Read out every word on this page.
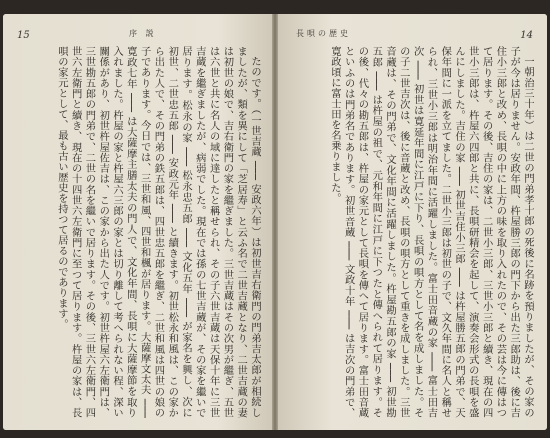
15	序 説

たのです。（一世吉蔵 ─── 安政六年）は初世吉右衛門の門弟吉太郎が相続しましたが、類を異にして「芝居寿」と云ふ名で二世吉蔵となり、二世吉蔵の妻は初世の娘で、吉右衛門の家を繼ぎました。三世吉蔵はその次男が繼ぎ、五世は六世と共に名人の域に達したと稱せられ、その子六世吉蔵は天保十年に三世吉蔵を繼ぎましたが、病弱でした。現在では孫の七世吉蔵が、その家を繼いで居ります。松永の家 ─── 松永忠五郎 ─── 文化五年 ─── が家名を興し、次に初世、二世忠五郎 ─── 安政元年 ─── と續きます。初世松永和風は、この家から出た人で、その門弟の鉄五郎は、四世忠五郎を繼ぎ、二世和風は四世の娘の子であります。今日では、三世和風、四世和楓が居ります。大薩摩文太夫 ─── 寛政七年 ─── は大薩摩主膳太夫の門人で、文化年間、長唄に大薩摩節を取り入れました。杵屋の家と杵屋六三郎の家とは切り離して考へられない程、深い關係があり、初世杵屋佐吉は、この家から出た人です。初世杵屋六左衛門は、三世勘五郎の門弟で、二世の名を繼いで居ります。その後、三世六左衛門、四世六左衛門と續き、現在の十四世六左衛門に至つて居ります。杵屋の家は、長唄の家元として、最も古い歴史を持つて居るのであります。

14
長唄の歴史

一朝治三十年）は二世の門弟孝十郎の死後に名跡を預りましたが、その家の子が今は居りません。安政年間、杵屋勝三郎の門下から出た三郎助は、後に吉住小三郎と改め、長唄の中に上方の味を取り入れたので、その芸は今に傳はつて居ります。その後、吉住の家は、二世小三郎、三世小三郎と續き、現在の四世小三郎は、杵屋六四郎と共に、長唄研精会を起して、演奏会形式の長唄を盛んにしました。吉住の家 ─── 初世吉住小三郎 ─── は杵屋勝五郎の門弟で、天保年間に一派を立てました。二世小三郎は初世の子で、文久年間に名人と稱せられ、三世小三郎は明治年間に活躍しました。富士田音蔵の家 ─── 富士田吉次 ─── 初世は寛延年間に江戸に下り、長唄の唄方として名を成しました。その子二世吉次は、後に音蔵と改め、長唄の唄方として重きを成しました。三世音蔵は、その門弟で、文化年間に活躍しました。杵屋勘五郎の家 ─── 初世勘五郎 ─── は杵屋の祖で、元和年間に江戸に下つたと傳へられて居ります。その後、代々の勘五郎は、杵屋の家元として長唄を傳へて居ります。富士田音蔵といふのは門弟名であります。初世音蔵 ─── 文政十年 ─── は吉次の門弟で、寛政頃に富士田を名乗りました。
